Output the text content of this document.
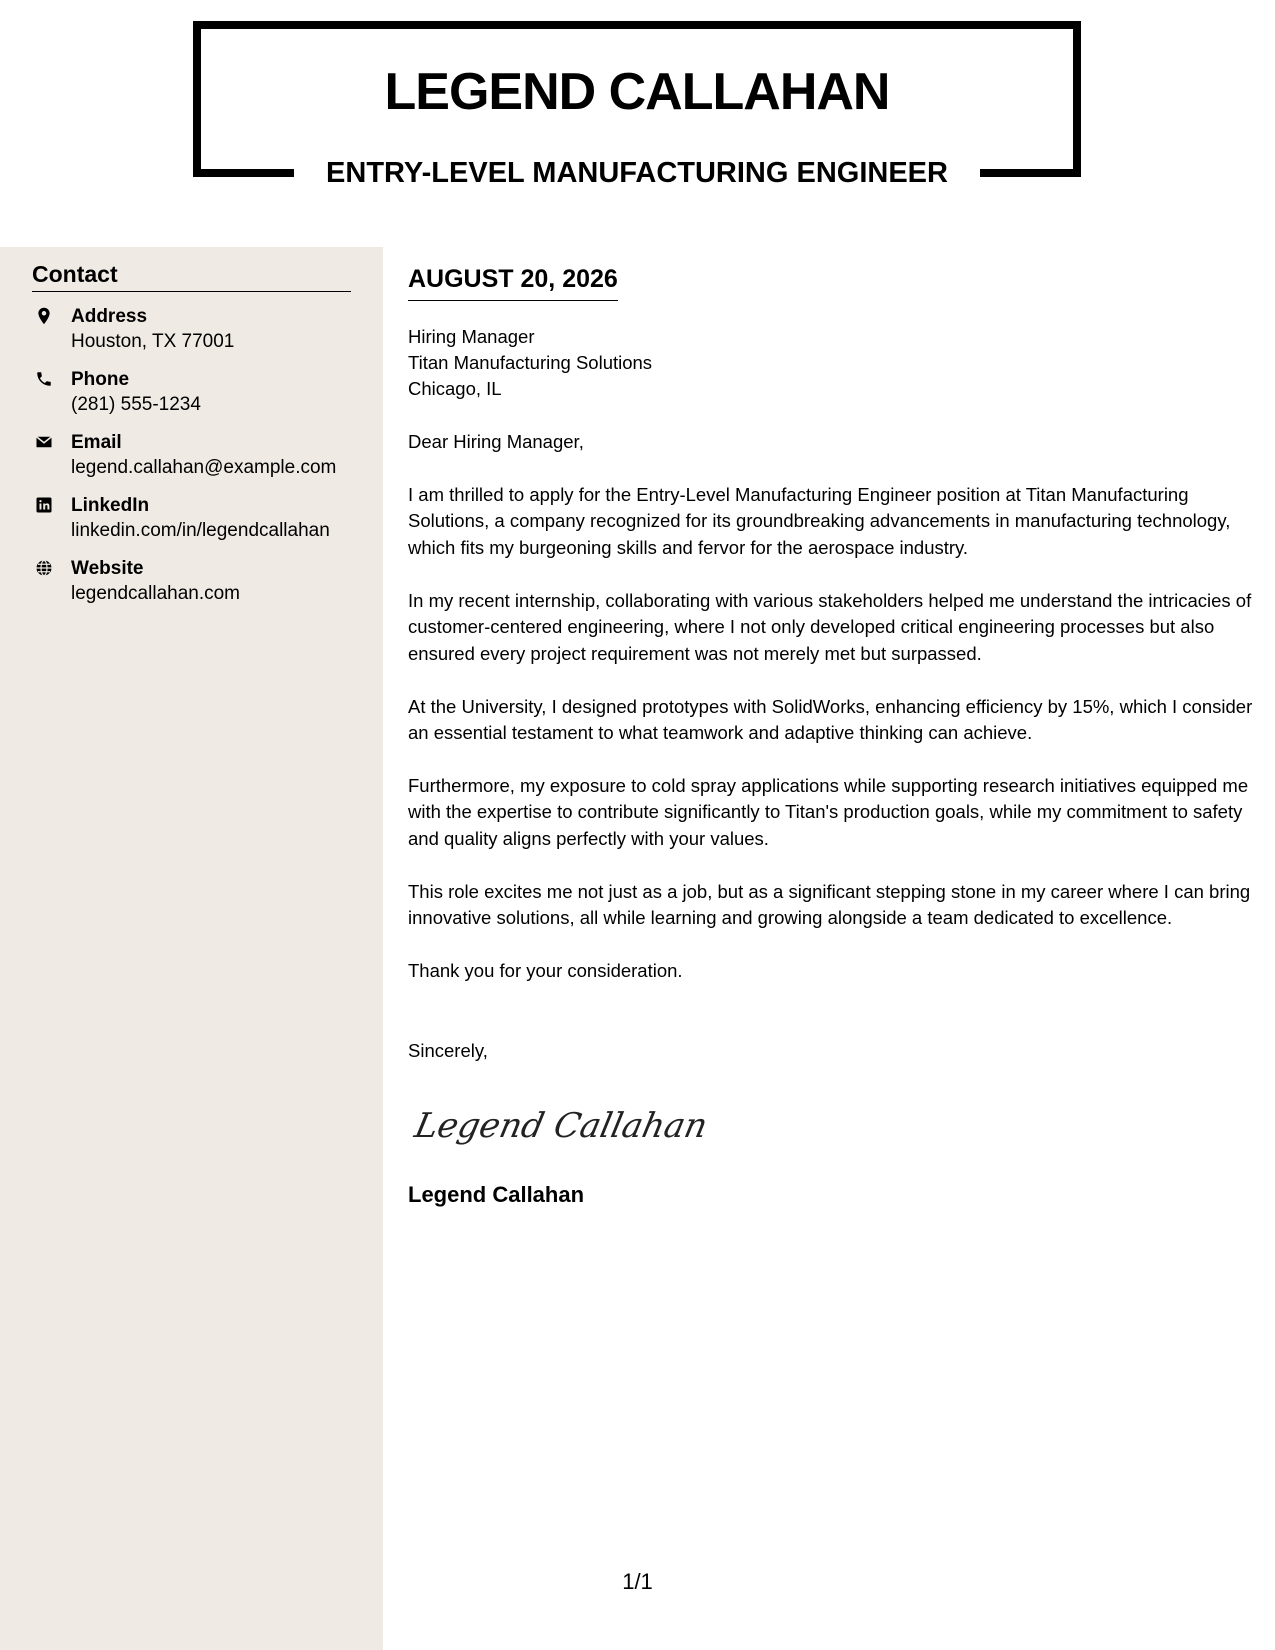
LEGEND CALLAHAN
ENTRY-LEVEL MANUFACTURING ENGINEER
Contact
Address
Houston, TX 77001
Phone
(281) 555-1234
Email
legend.callahan@example.com
LinkedIn
linkedin.com/in/legendcallahan
Website
legendcallahan.com
AUGUST 20, 2026
Hiring Manager
Titan Manufacturing Solutions
Chicago, IL

Dear Hiring Manager,

I am thrilled to apply for the Entry-Level Manufacturing Engineer position at Titan Manufacturing Solutions, a company recognized for its groundbreaking advancements in manufacturing technology, which fits my burgeoning skills and fervor for the aerospace industry.

In my recent internship, collaborating with various stakeholders helped me understand the intricacies of customer-centered engineering, where I not only developed critical engineering processes but also ensured every project requirement was not merely met but surpassed.

At the University, I designed prototypes with SolidWorks, enhancing efficiency by 15%, which I consider an essential testament to what teamwork and adaptive thinking can achieve.

Furthermore, my exposure to cold spray applications while supporting research initiatives equipped me with the expertise to contribute significantly to Titan's production goals, while my commitment to safety and quality aligns perfectly with your values.

This role excites me not just as a job, but as a significant stepping stone in my career where I can bring innovative solutions, all while learning and growing alongside a team dedicated to excellence.

Thank you for your consideration.

Sincerely,

Legend Callahan

Legend Callahan

1/1
